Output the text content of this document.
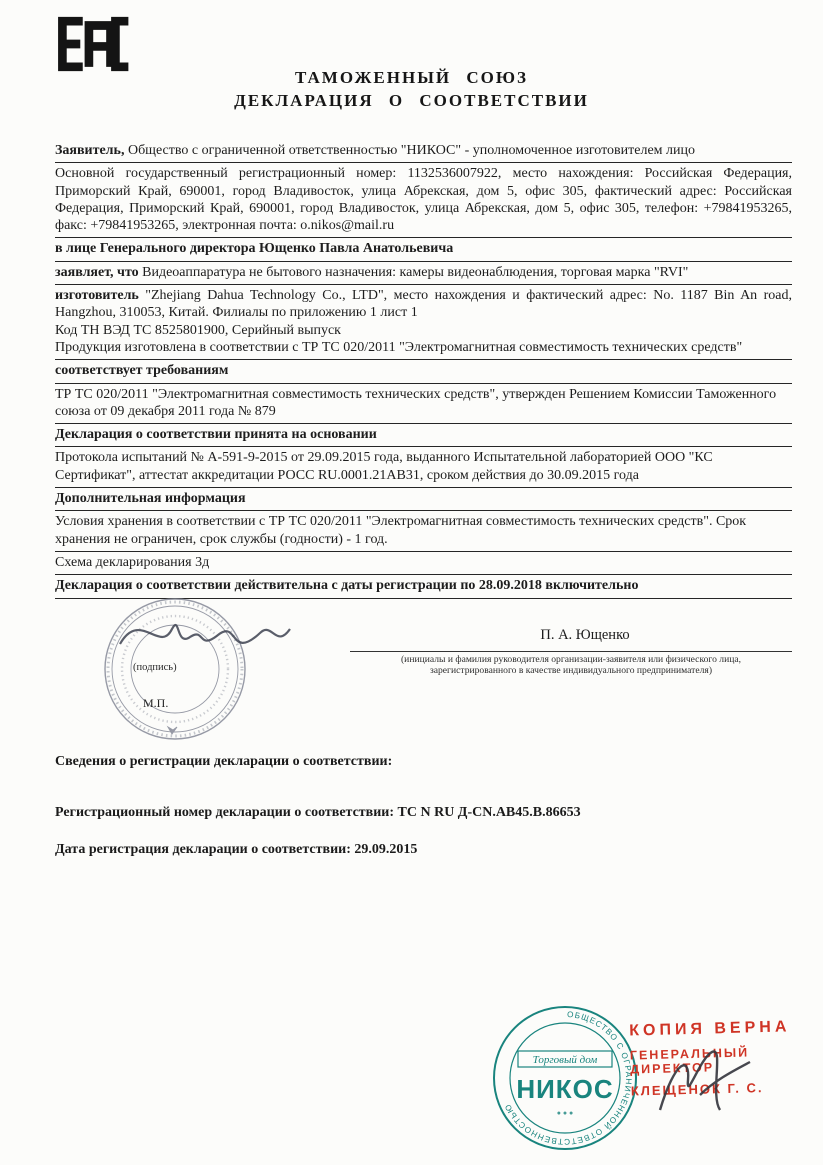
ТАМОЖЕННЫЙ СОЮЗ
ДЕКЛАРАЦИЯ О СООТВЕТСТВИИ

Заявитель, Общество с ограниченной ответственностью "НИКОС" - уполномоченное изготовителем лицо

Основной государственный регистрационный номер: 1132536007922, место нахождения: Российская Федерация, Приморский Край, 690001, город Владивосток, улица Абрекская, дом 5, офис 305, фактический адрес: Российская Федерация, Приморский Край, 690001, город Владивосток, улица Абрекская, дом 5, офис 305, телефон: +79841953265, факс: +79841953265, электронная почта: o.nikos@mail.ru

в лице Генерального директора Ющенко Павла Анатольевича

заявляет, что Видеоаппаратура не бытового назначения: камеры видеонаблюдения, торговая марка "RVI"

изготовитель "Zhejiang Dahua Technology Co., LTD", место нахождения и фактический адрес: No. 1187 Bin An road, Hangzhou, 310053, Китай. Филиалы по приложению 1 лист 1

Код ТН ВЭД ТС 8525801900, Серийный выпуск

Продукция изготовлена в соответствии с ТР ТС 020/2011 "Электромагнитная совместимость технических средств"

соответствует требованиям

ТР ТС 020/2011 "Электромагнитная совместимость технических средств", утвержден Решением Комиссии Таможенного союза от 09 декабря 2011 года № 879

Декларация о соответствии принята на основании

Протокола испытаний № А-591-9-2015 от 29.09.2015 года, выданного Испытательной лабораторией ООО "КС Сертификат", аттестат аккредитации РОСС RU.0001.21АВ31, сроком действия до 30.09.2015 года

Дополнительная информация

Условия хранения в соответствии с ТР ТС 020/2011 "Электромагнитная совместимость технических средств". Срок хранения не ограничен, срок службы (годности) - 1 год.

Схема декларирования 3д

Декларация о соответствии действительна с даты регистрации по 28.09.2018 включительно

(подпись)
М.П.
П. А. Ющенко
(инициалы и фамилия руководителя организации-заявителя или физического лица,
зарегистрированного в качестве индивидуального предпринимателя)

Сведения о регистрации декларации о соответствии:

Регистрационный номер декларации о соответствии: ТС N RU Д-CN.АВ45.В.86653

Дата регистрация декларации о соответствии: 29.09.2015

ОБЩЕСТВО С ОГРАНИЧЕННОЙ ОТВЕТСТВЕННОСТЬЮ
Торговый дом
НИКОС
● ● ●
КОПИЯ ВЕРНА
ГЕНЕРАЛЬНЫЙ ДИРЕКТОР
КЛЕЩЕНОК Г. С.
